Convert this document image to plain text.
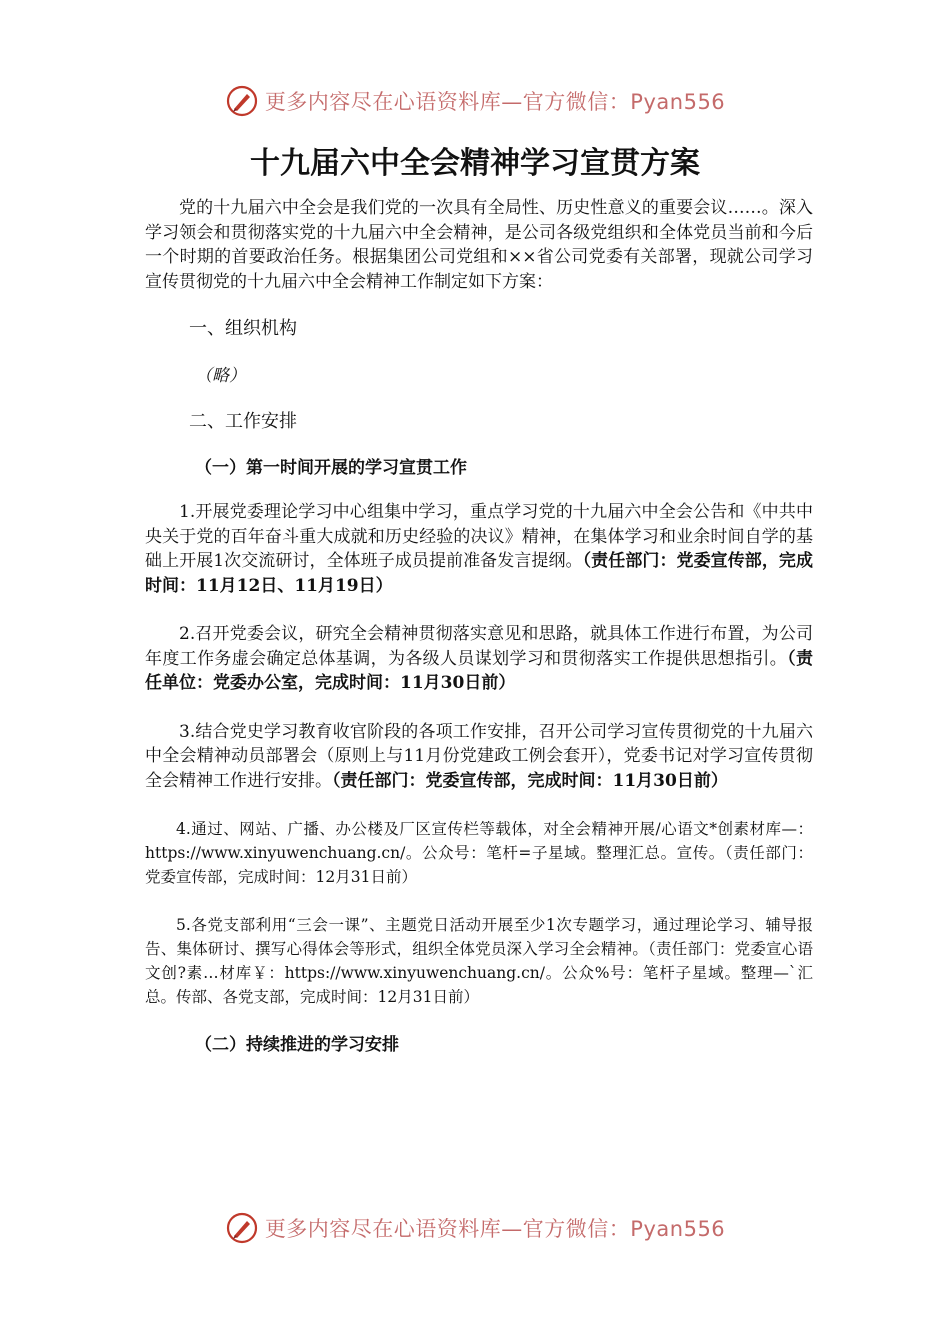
更多内容尽在心语资料库—官方微信：Pyan556
十九届六中全会精神学习宣贯方案

党的十九届六中全会是我们党的一次具有全局性、历史性意义的重要会议……。深入学习领会和贯彻落实党的十九届六中全会精神，是公司各级党组织和全体党员当前和今后一个时期的首要政治任务。根据集团公司党组和××省公司党委有关部署，现就公司学习宣传贯彻党的十九届六中全会精神工作制定如下方案：

一、组织机构

（略）

二、工作安排

（一）第一时间开展的学习宣贯工作

1.开展党委理论学习中心组集中学习，重点学习党的十九届六中全会公告和《中共中央关于党的百年奋斗重大成就和历史经验的决议》精神，在集体学习和业余时间自学的基础上开展1次交流研讨，全体班子成员提前准备发言提纲。（责任部门：党委宣传部，完成时间：11月12日、11月19日）

2.召开党委会议，研究全会精神贯彻落实意见和思路，就具体工作进行布置，为公司年度工作务虚会确定总体基调，为各级人员谋划学习和贯彻落实工作提供思想指引。（责任单位：党委办公室，完成时间：11月30日前）

3.结合党史学习教育收官阶段的各项工作安排，召开公司学习宣传贯彻党的十九届六中全会精神动员部署会（原则上与11月份党建政工例会套开），党委书记对学习宣传贯彻全会精神工作进行安排。（责任部门：党委宣传部，完成时间：11月30日前）

4.通过、网站、广播、办公楼及厂区宣传栏等载体，对全会精神开展/心语文*创素材库—：https://www.xinyuwenchuang.cn/。公众号：笔杆=子星域。整理汇总。宣传。（责任部门：党委宣传部，完成时间：12月31日前）

5.各党支部利用“三会一课”、主题党日活动开展至少1次专题学习，通过理论学习、辅导报告、集体研讨、撰写心得体会等形式，组织全体党员深入学习全会精神。（责任部门：党委宣心语文创?素…材库￥：https://www.xinyuwenchuang.cn/。公众%号：笔杆子星域。整理—`汇总。传部、各党支部，完成时间：12月31日前）

（二）持续推进的学习安排

更多内容尽在心语资料库—官方微信：Pyan556
